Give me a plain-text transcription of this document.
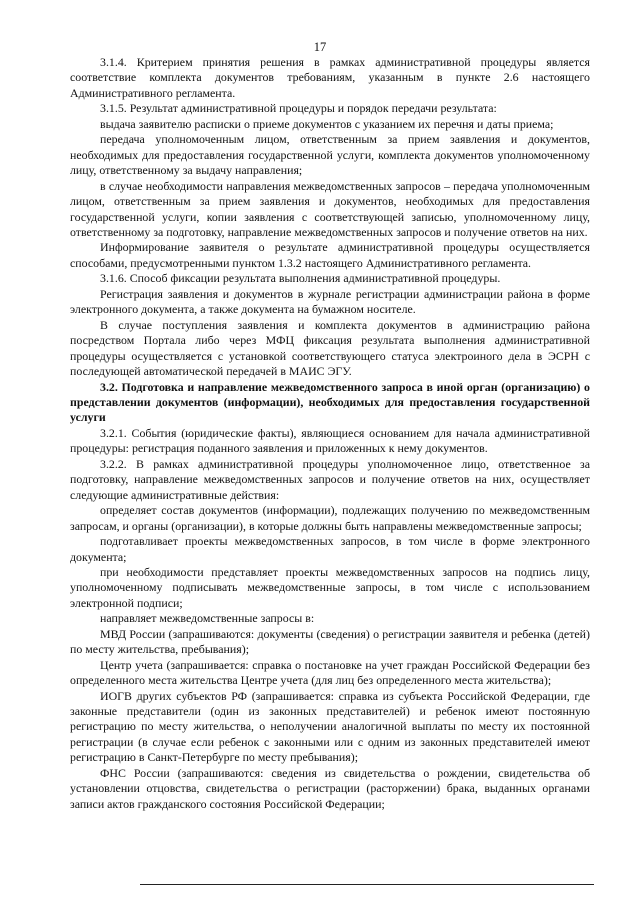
17

3.1.4. Критерием принятия решения в рамках административной процедуры является соответствие комплекта документов требованиям, указанным в пункте 2.6 настоящего Административного регламента.

3.1.5. Результат административной процедуры и порядок передачи результата:

выдача заявителю расписки о приеме документов с указанием их перечня и даты приема;

передача уполномоченным лицом, ответственным за прием заявления и документов, необходимых для предоставления государственной услуги, комплекта документов уполномоченному лицу, ответственному за выдачу направления;

в случае необходимости направления межведомственных запросов – передача уполномоченным лицом, ответственным за прием заявления и документов, необходимых для предоставления государственной услуги, копии заявления с соответствующей записью, уполномоченному лицу, ответственному за подготовку, направление межведомственных запросов и получение ответов на них.

Информирование заявителя о результате административной процедуры осуществляется способами, предусмотренными пунктом 1.3.2 настоящего Административного регламента.

3.1.6. Способ фиксации результата выполнения административной процедуры.

Регистрация заявления и документов в журнале регистрации администрации района в форме электронного документа, а также документа на бумажном носителе.

В случае поступления заявления и комплекта документов в администрацию района посредством Портала либо через МФЦ фиксация результата выполнения административной процедуры осуществляется с установкой соответствующего статуса электроиного дела в ЭСРН с последующей автоматической передачей в МАИС ЭГУ.

3.2. Подготовка и направление межведомственного запроса в иной орган (организацию) о представлении документов (информации), необходимых для предоставления государственной услуги

3.2.1. События (юридические факты), являющиеся основанием для начала административной процедуры: регистрация поданного заявления и приложенных к нему документов.

3.2.2. В рамках административной процедуры уполномоченное лицо, ответственное за подготовку, направление межведомственных запросов и получение ответов на них, осуществляет следующие административные действия:

определяет состав документов (информации), подлежащих получению по межведомственным запросам, и органы (организации), в которые должны быть направлены межведомственные запросы;

подготавливает проекты межведомственных запросов, в том числе в форме электронного документа;

при необходимости представляет проекты межведомственных запросов на подпись лицу, уполномоченному подписывать межведомственные запросы, в том числе с использованием электронной подписи;

направляет межведомственные запросы в:

МВД России (запрашиваются: документы (сведения) о регистрации заявителя и ребенка (детей) по месту жительства, пребывания);

Центр учета (запрашивается: справка о постановке на учет граждан Российской Федерации без определенного места жительства Центре учета (для лиц без определенного места жительства);

ИОГВ других субъектов РФ (запрашивается: справка из субъекта Российской Федерации, где законные представители (один из законных представителей) и ребенок имеют постоянную регистрацию по месту жительства, о неполучении аналогичной выплаты по месту их постоянной регистрации (в случае если ребенок с законными или с одним из законных представителей имеют регистрацию в Санкт-Петербурге по месту пребывания);

ФНС России (запрашиваются: сведения из свидетельства о рождении, свидетельства об установлении отцовства, свидетельства о регистрации (расторжении) брака, выданных органами записи актов гражданского состояния Российской Федерации;
